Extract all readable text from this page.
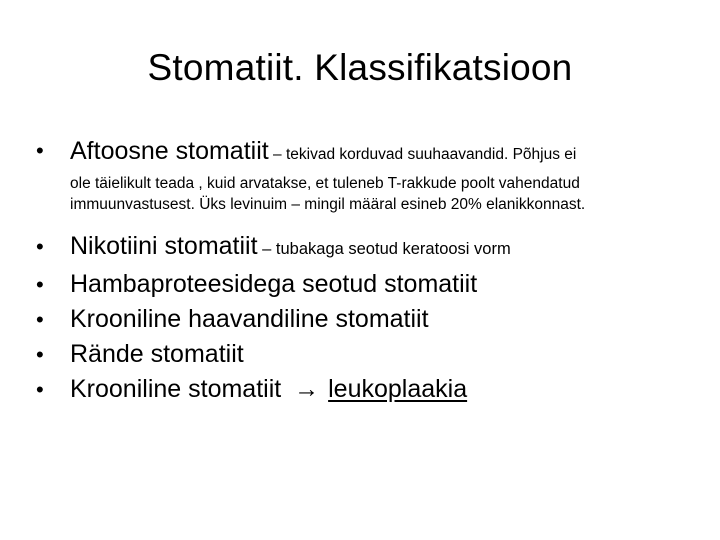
Stomatiit. Klassifikatsioon
•	Aftoosne stomatiit – tekivad korduvad suuhaavandid. Põhjus ei
ole täielikult teada , kuid arvatakse, et tuleneb T-rakkude poolt vahendatud immuunvastusest. Üks levinuim – mingil määral esineb 20% elanikkonnast.
•	Nikotiini stomatiit – tubakaga seotud keratoosi vorm
•	Hambaproteesidega seotud stomatiit
•	Krooniline haavandiline stomatiit
•	Rände stomatiit
•	Krooniline stomatiit → leukoplaakia
